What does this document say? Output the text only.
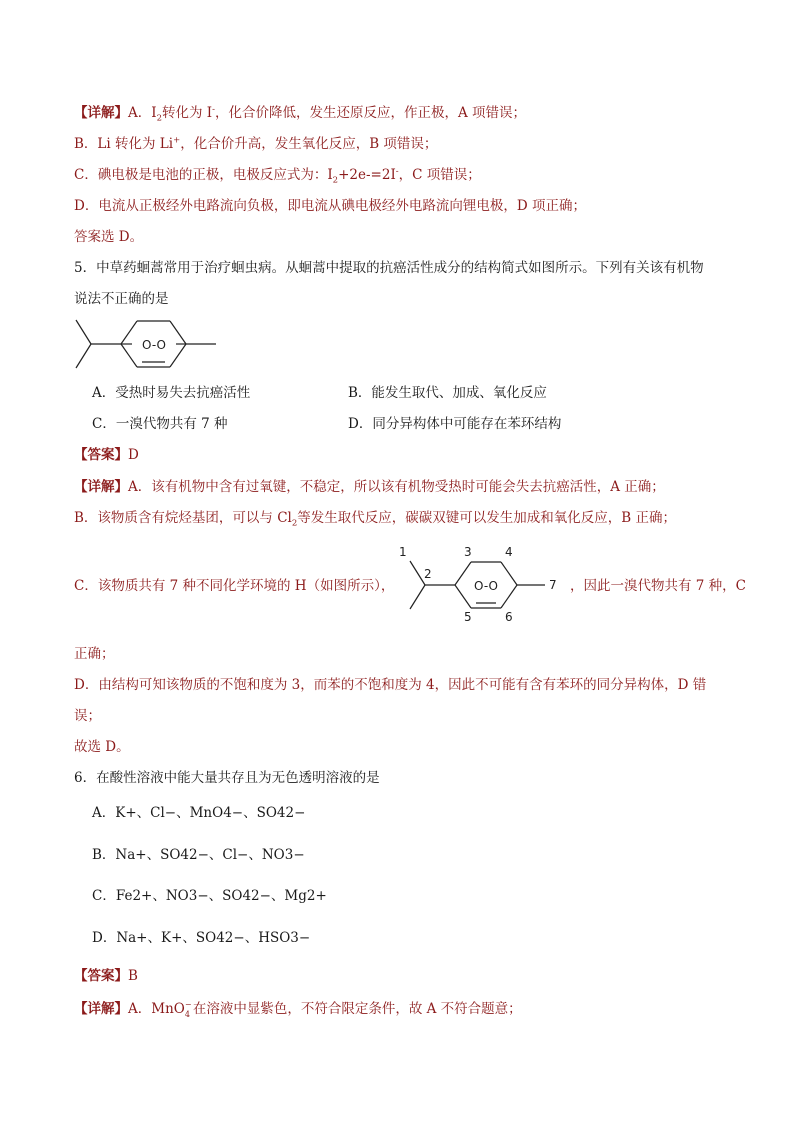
【详解】A．$I_2$转化为 I-，化合价降低，发生还原反应，作正极，A 项错误；
B．Li 转化为 Li+，化合价升高，发生氧化反应，B 项错误；
C．碘电极是电池的正极，电极反应式为：$I_2+2e-=2I^-$，C 项错误；
D．电流从正极经外电路流向负极，即电流从碘电极经外电路流向锂电极，D 项正确；
答案选 D。
5．中草药蛔蒿常用于治疗蛔虫病。从蛔蒿中提取的抗癌活性成分的结构简式如图所示。下列有关该有机物
说法不正确的是
O-O
A．受热时易失去抗癌活性	B．能发生取代、加成、氧化反应
C．一溴代物共有 7 种	D．同分异构体中可能存在苯环结构
【答案】D
【详解】A．该有机物中含有过氧键，不稳定，所以该有机物受热时可能会失去抗癌活性，A 正确；
B．该物质含有烷烃基团，可以与 $Cl_2$等发生取代反应，碳碳双键可以发生加成和氧化反应，B 正确；
C．该物质共有 7 种不同化学环境的 H（如图所示），	O-O
1
2
3	4
5	6
7 ，因此一溴代物共有 7 种，C
正确；
D．由结构可知该物质的不饱和度为 3，而苯的不饱和度为 4，因此不可能有含有苯环的同分异构体，D 错
误；
故选 D。
6．在酸性溶液中能大量共存且为无色透明溶液的是
A．K+、Cl−、MnO4−、SO42−
B．Na+、SO42−、Cl−、NO3−
C．Fe2+、NO3−、SO42−、Mg2+
D．Na+、K+、SO42−、HSO3−
【答案】B
【详解】A．MnO −
4 在溶液中显紫色，不符合限定条件，故 A 不符合题意；
